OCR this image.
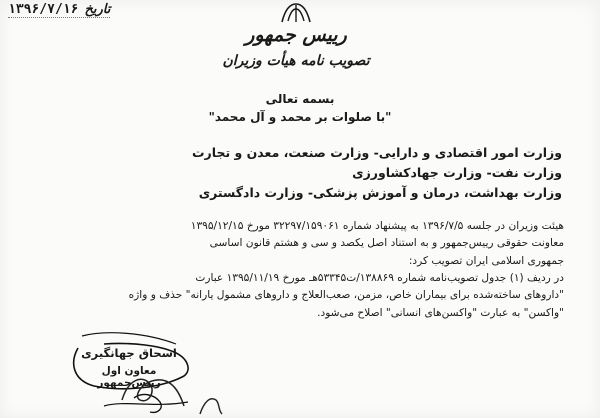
تاریخ
۱۳۹۶/۷/۱۶
رییس جمهور
تصویب نامه هیأت وزیران
بسمه تعالی
"با صلوات بر محمد و آل محمد"
وزارت امور اقتصادی و دارایی- وزارت صنعت، معدن و تجارت
وزارت نفت- وزارت جهادکشاورزی
وزارت بهداشت، درمان و آموزش پزشکی- وزارت دادگستری
هیئت وزیران در جلسه ۱۳۹۶/۷/۵ به پیشنهاد شماره ۳۲۲۹۷/۱۵۹۰۶۱ مورخ ۱۳۹۵/۱۲/۱۵
معاونت حقوقی رییس‌جمهور و به استناد اصل یکصد و سی و هشتم قانون اساسی
جمهوری اسلامی ایران تصویب کرد:
در ردیف (۱) جدول تصویب‌نامه شماره ۱۳۸۸۶۹/ت۵۳۳۴۵هـ مورخ ۱۳۹۵/۱۱/۱۹ عبارت
"داروهای ساخته‌شده برای بیماران خاص، مزمن، صعب‌العلاج و داروهای مشمول یارانه" حذف و واژه
"واکسن" به عبارت "واکسن‌های انسانی" اصلاح می‌شود.
اسحاق جهانگیری
معاون اول رییس‌جمهور
